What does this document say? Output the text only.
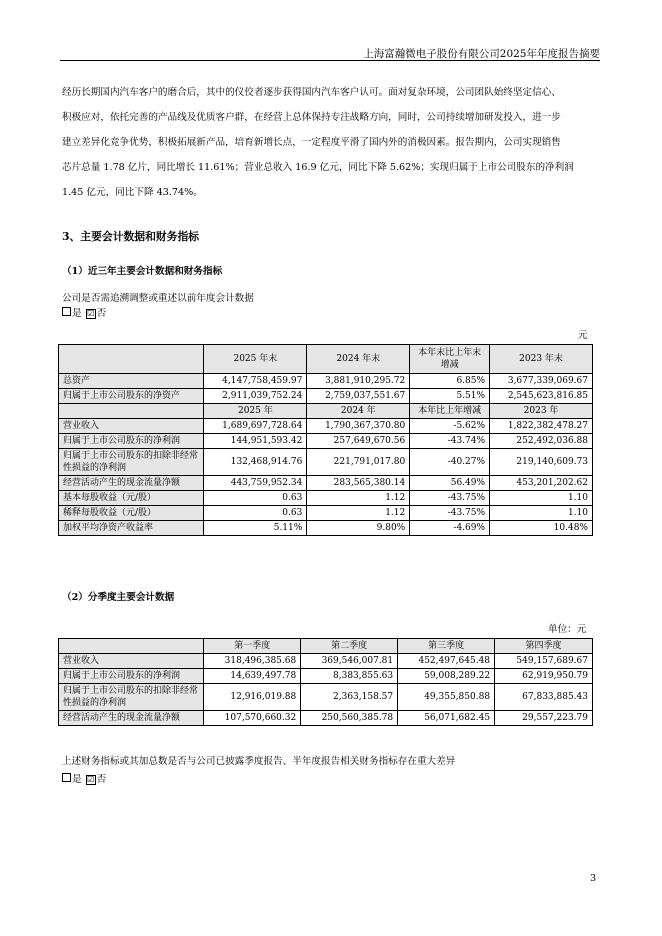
上海富瀚微电子股份有限公司2025年年度报告摘要

经历长期国内汽车客户的磨合后，其中的仪佼者逐步获得国内汽车客户认可。面对复杂环境，公司团队始终坚定信心、

积极应对，依托完善的产品线及优质客户群，在经营上总体保持专注战略方向，同时，公司持续增加研发投入，进一步

建立差异化竞争优势，积极拓展新产品，培育新增长点，一定程度平滑了国内外的消极因素。报告期内，公司实现销售

芯片总量 1.78 亿片，同比增长 11.61%；营业总收入 16.9 亿元，同比下降 5.62%；实现归属于上市公司股东的净利润

1.45 亿元，同比下降 43.74%。

3、主要会计数据和财务指标
（1）近三年主要会计数据和财务指标
公司是否需追溯调整或重述以前年度会计数据
是 ☑ 否
元
	2025 年末	2024 年末	本年末比上年末增减	2023 年末
总资产	4,147,758,459.97	3,881,910,295.72	6.85%	3,677,339,069.67
归属于上市公司股东的净资产	2,911,039,752.24	2,759,037,551.67	5.51%	2,545,623,816.85
	2025 年	2024 年	本年比上年增减	2023 年
营业收入	1,689,697,728.64	1,790,367,370.80	-5.62%	1,822,382,478.27
归属于上市公司股东的净利润	144,951,593.42	257,649,670.56	-43.74%	252,492,036.88
归属于上市公司股东的扣除非经常性损益的净利润	132,468,914.76	221,791,017.80	-40.27%	219,140,609.73
经营活动产生的现金流量净额	443,759,952.34	283,565,380.14	56.49%	453,201,202.62
基本每股收益（元/股）	0.63	1.12	-43.75%	1.10
稀释每股收益（元/股）	0.63	1.12	-43.75%	1.10
加权平均净资产收益率	5.11%	9.80%	-4.69%	10.48%
（2）分季度主要会计数据
单位：元
	第一季度	第二季度	第三季度	第四季度
营业收入	318,496,385.68	369,546,007.81	452,497,645.48	549,157,689.67
归属于上市公司股东的净利润	14,639,497.78	8,383,855.63	59,008,289.22	62,919,950.79
归属于上市公司股东的扣除非经常性损益的净利润	12,916,019.88	2,363,158.57	49,355,850.88	67,833,885.43
经营活动产生的现金流量净额	107,570,660.32	250,560,385.78	56,071,682.45	29,557,223.79
上述财务指标或其加总数是否与公司已披露季度报告、半年度报告相关财务指标存在重大差异
是 ☑ 否
3
